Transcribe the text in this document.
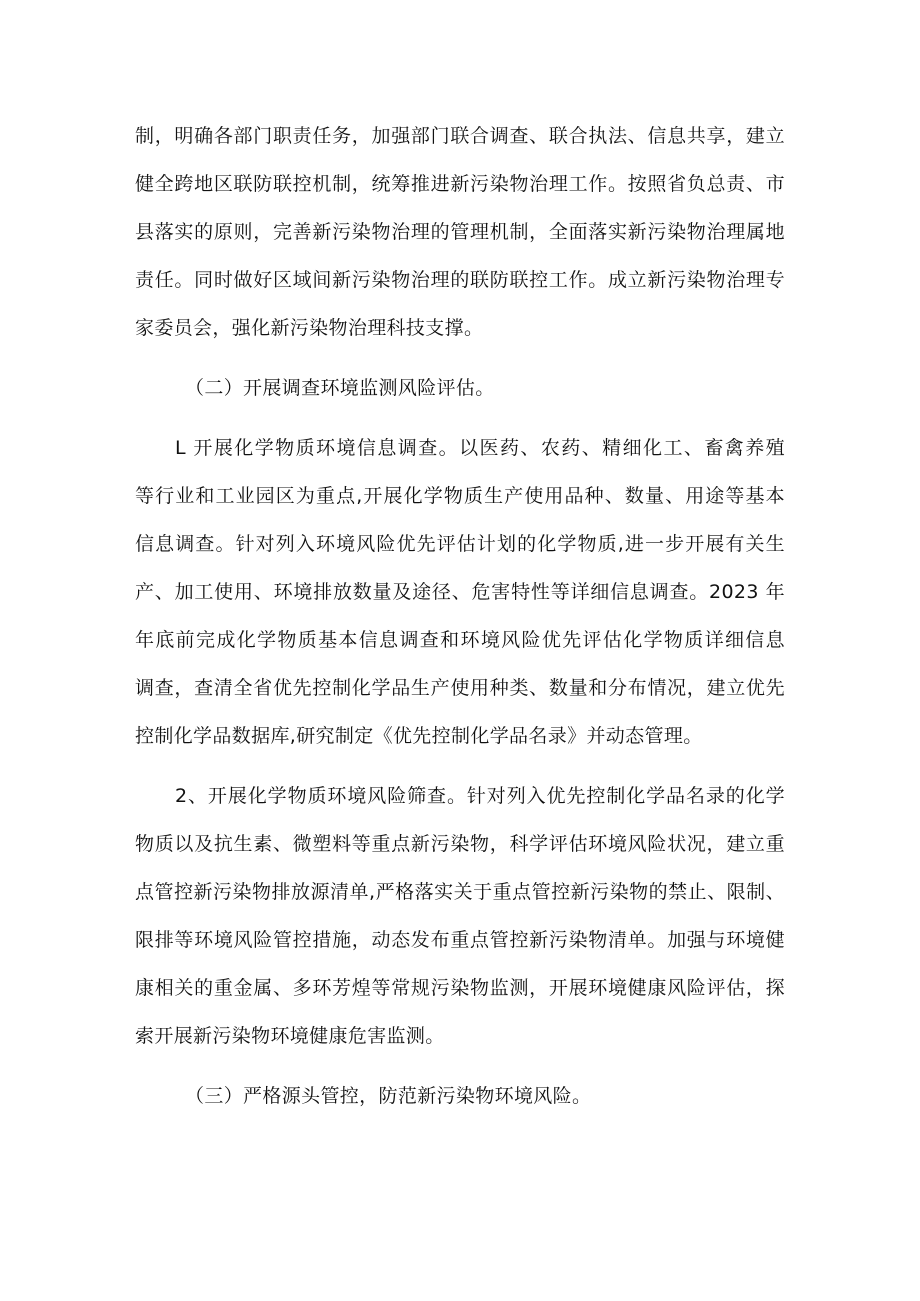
制，明确各部门职责任务，加强部门联合调查、联合执法、信息共享，建立
健全跨地区联防联控机制，统筹推进新污染物治理工作。按照省负总责、市
县落实的原则，完善新污染物治理的管理机制，全面落实新污染物治理属地
责任。同时做好区域间新污染物治理的联防联控工作。成立新污染物治理专
家委员会，强化新污染物治理科技支撑。
（二）开展调查环境监测风险评估。
L 开展化学物质环境信息调查。以医药、农药、精细化工、畜禽养殖
等行业和工业园区为重点,开展化学物质生产使用品种、数量、用途等基本
信息调查。针对列入环境风险优先评估计划的化学物质,进一步开展有关生
产、加工使用、环境排放数量及途径、危害特性等详细信息调查。2023 年
年底前完成化学物质基本信息调查和环境风险优先评估化学物质详细信息
调查，查清全省优先控制化学品生产使用种类、数量和分布情况，建立优先
控制化学品数据库,研究制定《优先控制化学品名录》并动态管理。
2、开展化学物质环境风险筛查。针对列入优先控制化学品名录的化学
物质以及抗生素、微塑料等重点新污染物，科学评估环境风险状况，建立重
点管控新污染物排放源清单,严格落实关于重点管控新污染物的禁止、限制、
限排等环境风险管控措施，动态发布重点管控新污染物清单。加强与环境健
康相关的重金属、多环芳煌等常规污染物监测，开展环境健康风险评估，探
索开展新污染物环境健康危害监测。
（三）严格源头管控，防范新污染物环境风险。
